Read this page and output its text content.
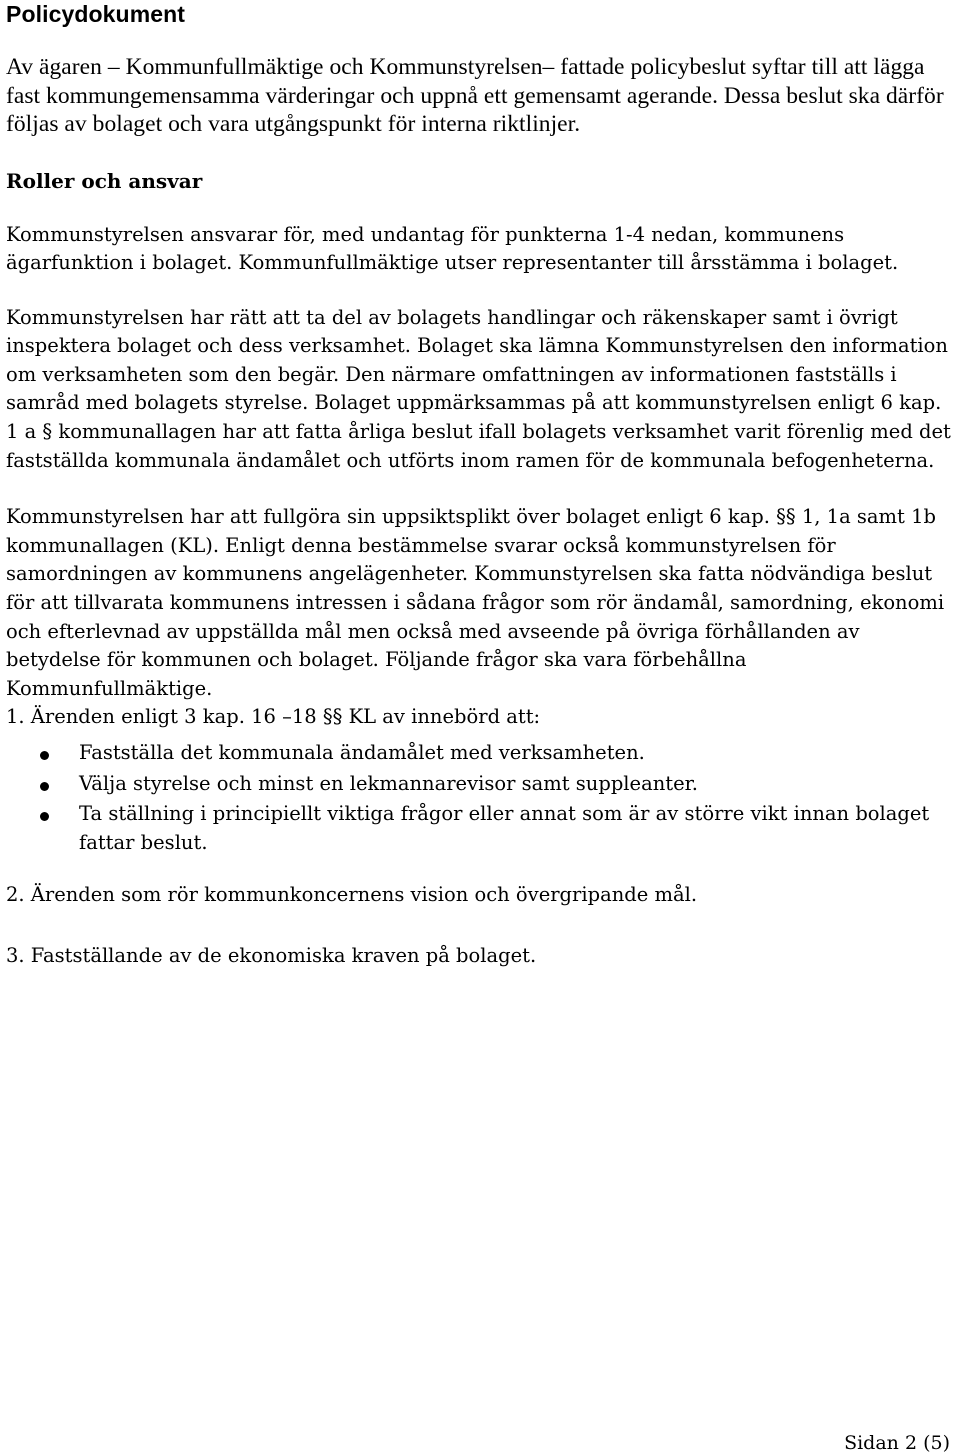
Policydokument

Av ägaren – Kommunfullmäktige och Kommunstyrelsen– fattade policybeslut syftar till att lägga fast kommungemensamma värderingar och uppnå ett gemensamt agerande. Dessa beslut ska därför följas av bolaget och vara utgångspunkt för interna riktlinjer.

Roller och ansvar

Kommunstyrelsen ansvarar för, med undantag för punkterna 1-4 nedan, kommunens ägarfunktion i bolaget. Kommunfullmäktige utser representanter till årsstämma i bolaget.

Kommunstyrelsen har rätt att ta del av bolagets handlingar och räkenskaper samt i övrigt inspektera bolaget och dess verksamhet. Bolaget ska lämna Kommunstyrelsen den information om verksamheten som den begär. Den närmare omfattningen av informationen fastställs i samråd med bolagets styrelse. Bolaget uppmärksammas på att kommunstyrelsen enligt 6 kap. 1 a § kommunallagen har att fatta årliga beslut ifall bolagets verksamhet varit förenlig med det fastställda kommunala ändamålet och utförts inom ramen för de kommunala befogenheterna.

Kommunstyrelsen har att fullgöra sin uppsiktsplikt över bolaget enligt 6 kap. §§ 1, 1a samt 1b kommunallagen (KL). Enligt denna bestämmelse svarar också kommunstyrelsen för samordningen av kommunens angelägenheter. Kommunstyrelsen ska fatta nödvändiga beslut för att tillvarata kommunens intressen i sådana frågor som rör ändamål, samordning, ekonomi och efterlevnad av uppställda mål men också med avseende på övriga förhållanden av betydelse för kommunen och bolaget. Följande frågor ska vara förbehållna Kommunfullmäktige.

1. Ärenden enligt 3 kap. 16 –18 §§ KL av innebörd att:

Fastställa det kommunala ändamålet med verksamheten.
Välja styrelse och minst en lekmannarevisor samt suppleanter.
Ta ställning i principiellt viktiga frågor eller annat som är av större vikt innan bolaget fattar beslut.

2. Ärenden som rör kommunkoncernens vision och övergripande mål.

3. Fastställande av de ekonomiska kraven på bolaget.

Sidan 2 (5)
